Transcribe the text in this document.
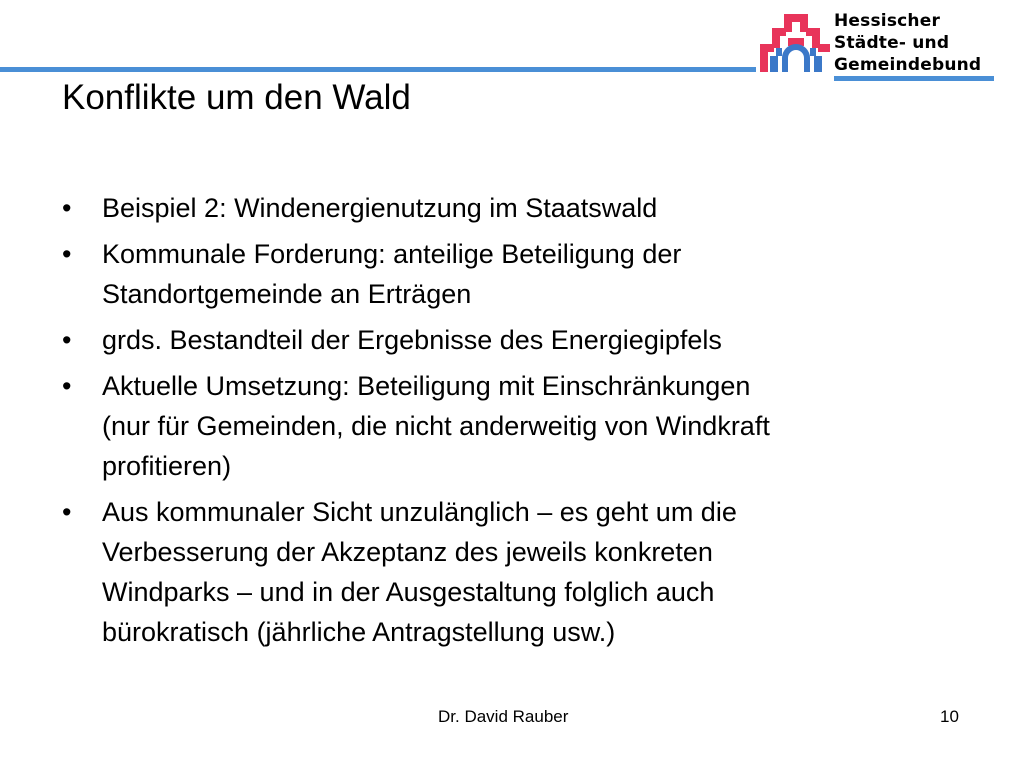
Hessischer
Städte- und
Gemeindebund
Konflikte um den Wald
• Beispiel 2: Windenergienutzung im Staatswald
• Kommunale Forderung: anteilige Beteiligung der
Standortgemeinde an Erträgen
• grds. Bestandteil der Ergebnisse des Energiegipfels
• Aktuelle Umsetzung: Beteiligung mit Einschränkungen
(nur für Gemeinden, die nicht anderweitig von Windkraft
profitieren)
• Aus kommunaler Sicht unzulänglich – es geht um die
Verbesserung der Akzeptanz des jeweils konkreten
Windparks – und in der Ausgestaltung folglich auch
bürokratisch (jährliche Antragstellung usw.)
Dr. David Rauber	10
